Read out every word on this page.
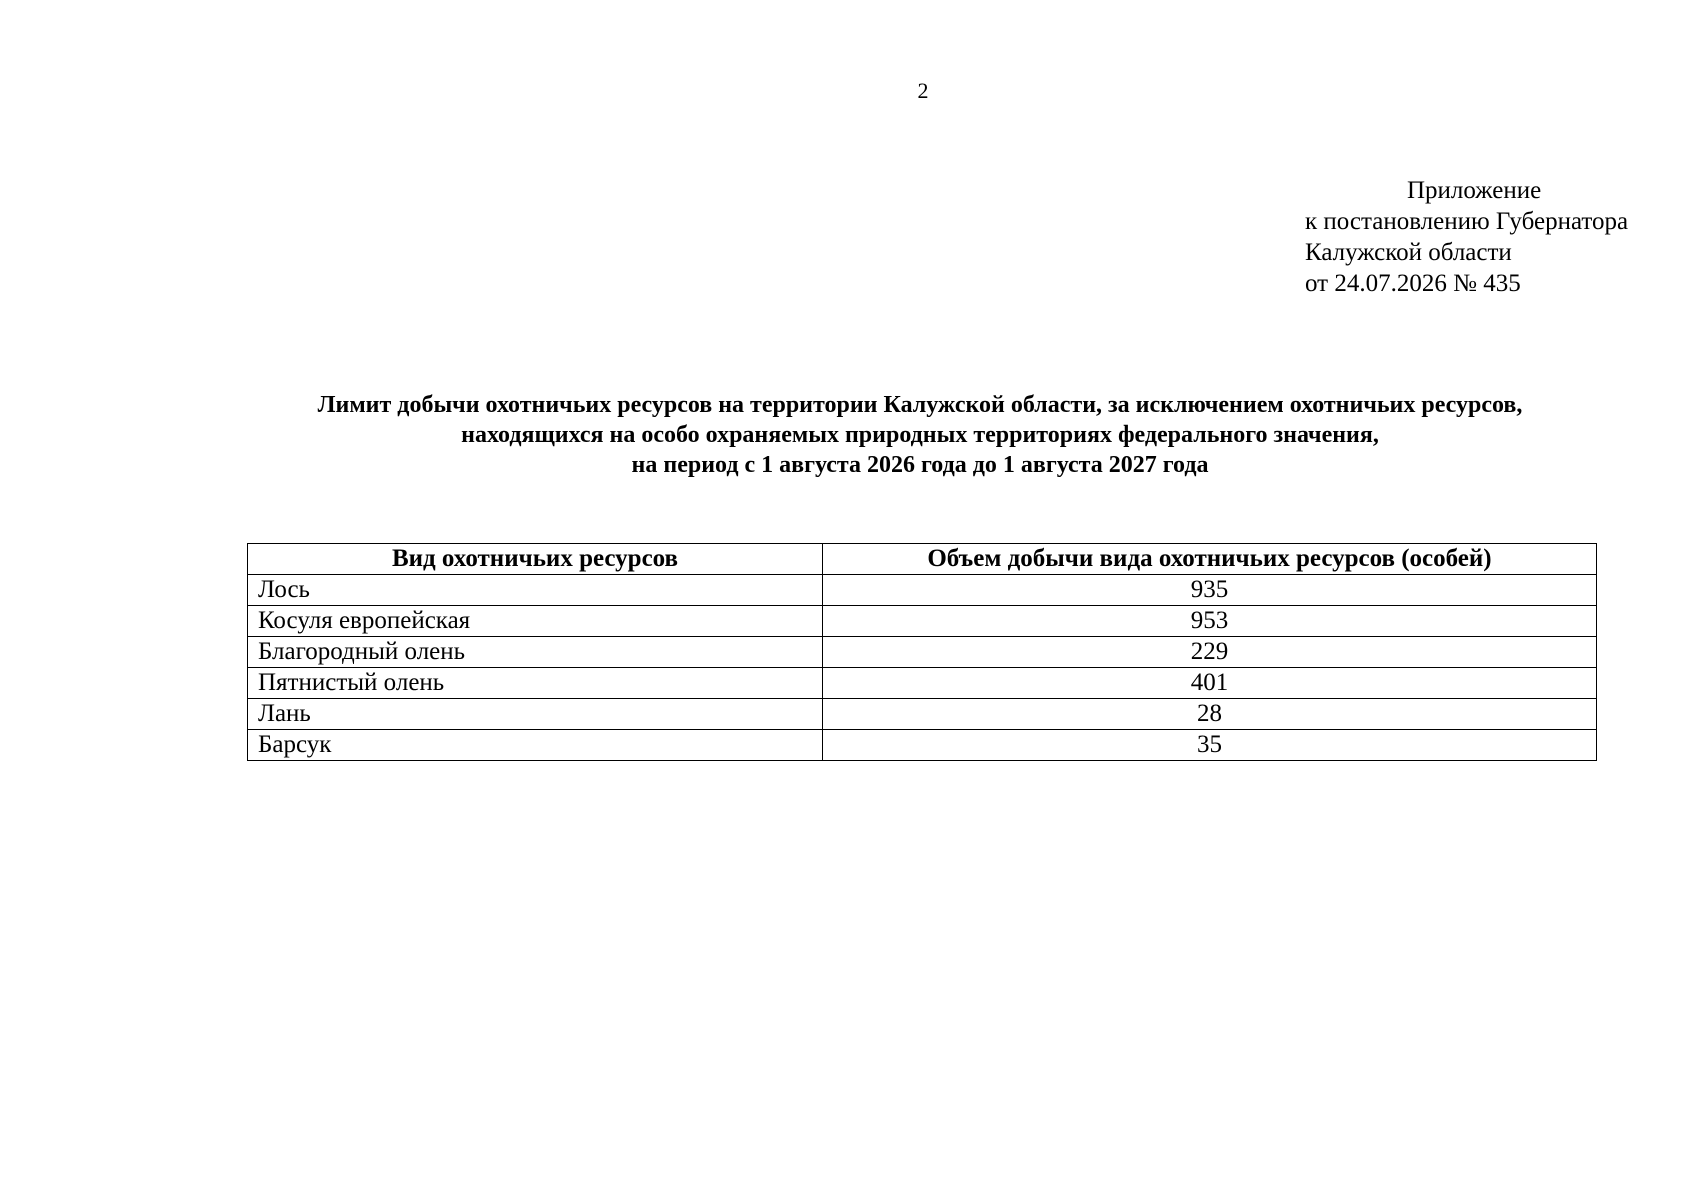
2
Приложение
к постановлению Губернатора
Калужской области
от 24.07.2026 № 435
Лимит добычи охотничьих ресурсов на территории Калужской области, за исключением охотничьих ресурсов,
находящихся на особо охраняемых природных территориях федерального значения,
на период с 1 августа 2026 года до 1 августа 2027 года
Вид охотничьих ресурсов	Объем добычи вида охотничьих ресурсов (особей)
Лось	935
Косуля европейская	953
Благородный олень	229
Пятнистый олень	401
Лань	28
Барсук	35
